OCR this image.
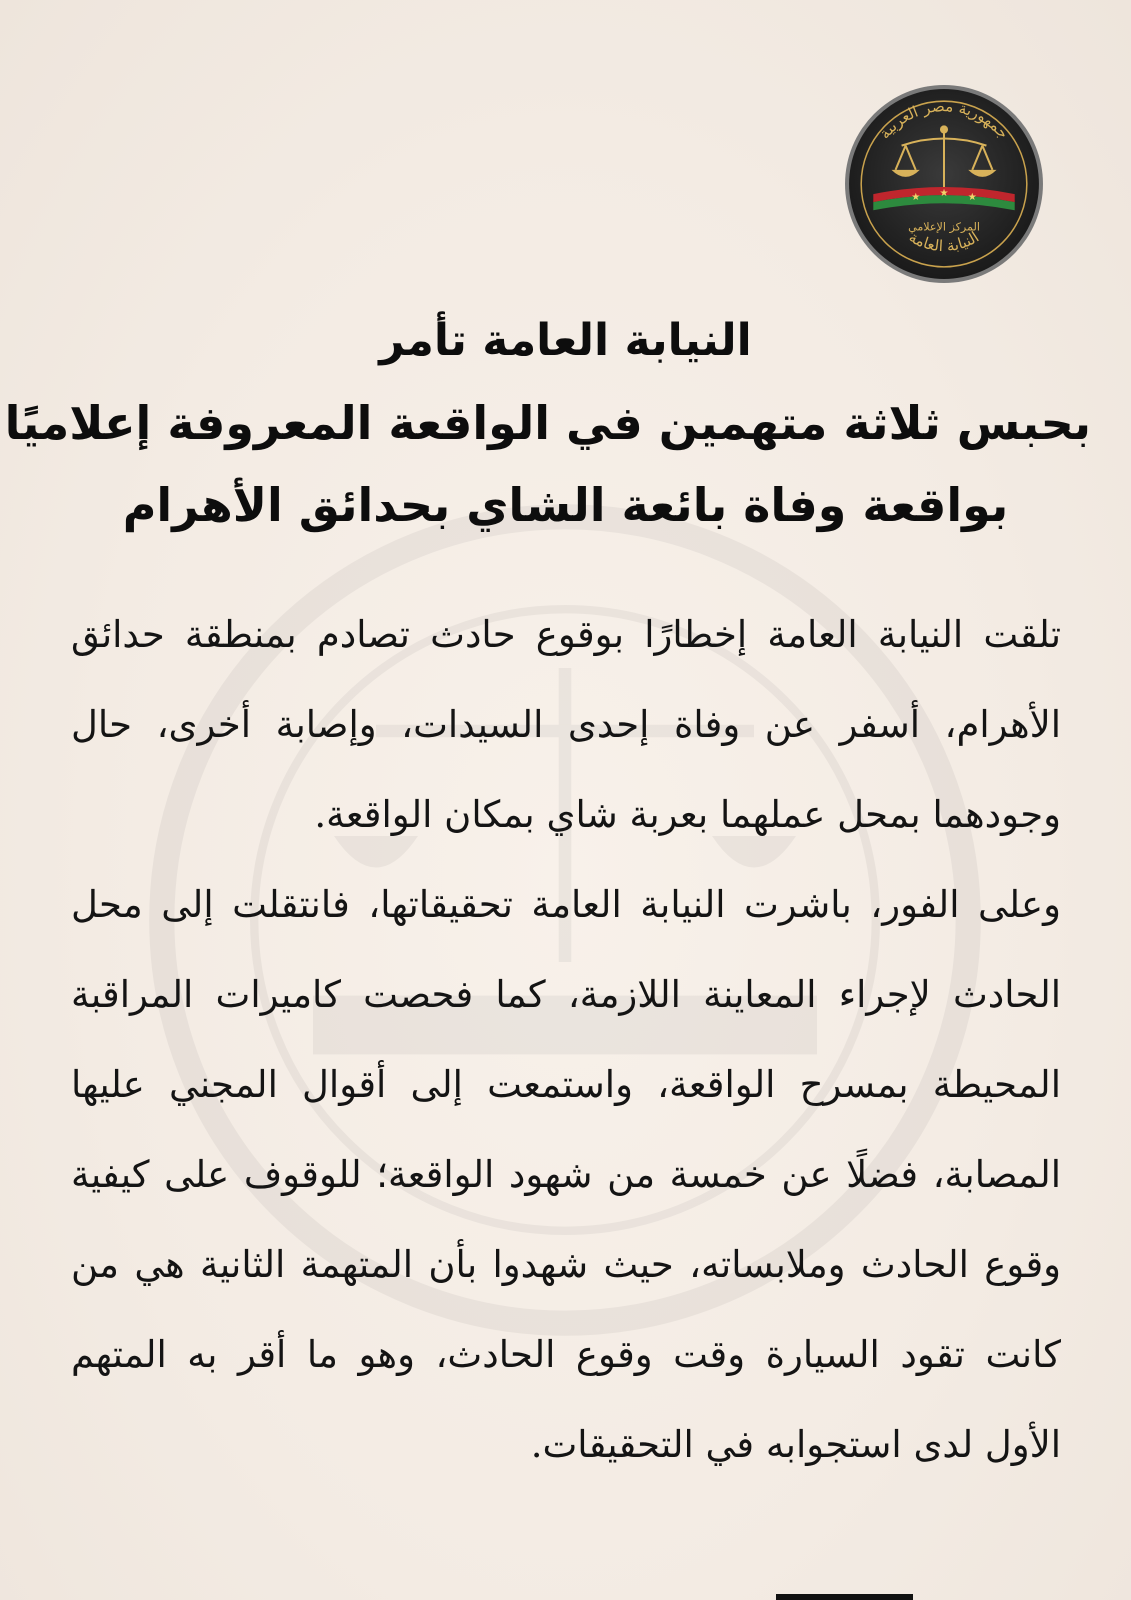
جمهورية مصر العربية
★ ★ ★
المركز الإعلامي
النيابة العامة
النيابة العامة تأمر
بحبس ثلاثة متهمين في الواقعة المعروفة إعلاميًا
بواقعة وفاة بائعة الشاي بحدائق الأهرام

تلقت النيابة العامة إخطارًا بوقوع حادث تصادم بمنطقة حدائق الأهرام، أسفر عن وفاة إحدى السيدات، وإصابة أخرى، حال وجودهما بمحل عملهما بعربة شاي بمكان الواقعة.

وعلى الفور، باشرت النيابة العامة تحقيقاتها، فانتقلت إلى محل الحادث لإجراء المعاينة اللازمة، كما فحصت كاميرات المراقبة المحيطة بمسرح الواقعة، واستمعت إلى أقوال المجني عليها المصابة، فضلًا عن خمسة من شهود الواقعة؛ للوقوف على كيفية وقوع الحادث وملابساته، حيث شهدوا بأن المتهمة الثانية هي من كانت تقود السيارة وقت وقوع الحادث، وهو ما أقر به المتهم الأول لدى استجوابه في التحقيقات.
